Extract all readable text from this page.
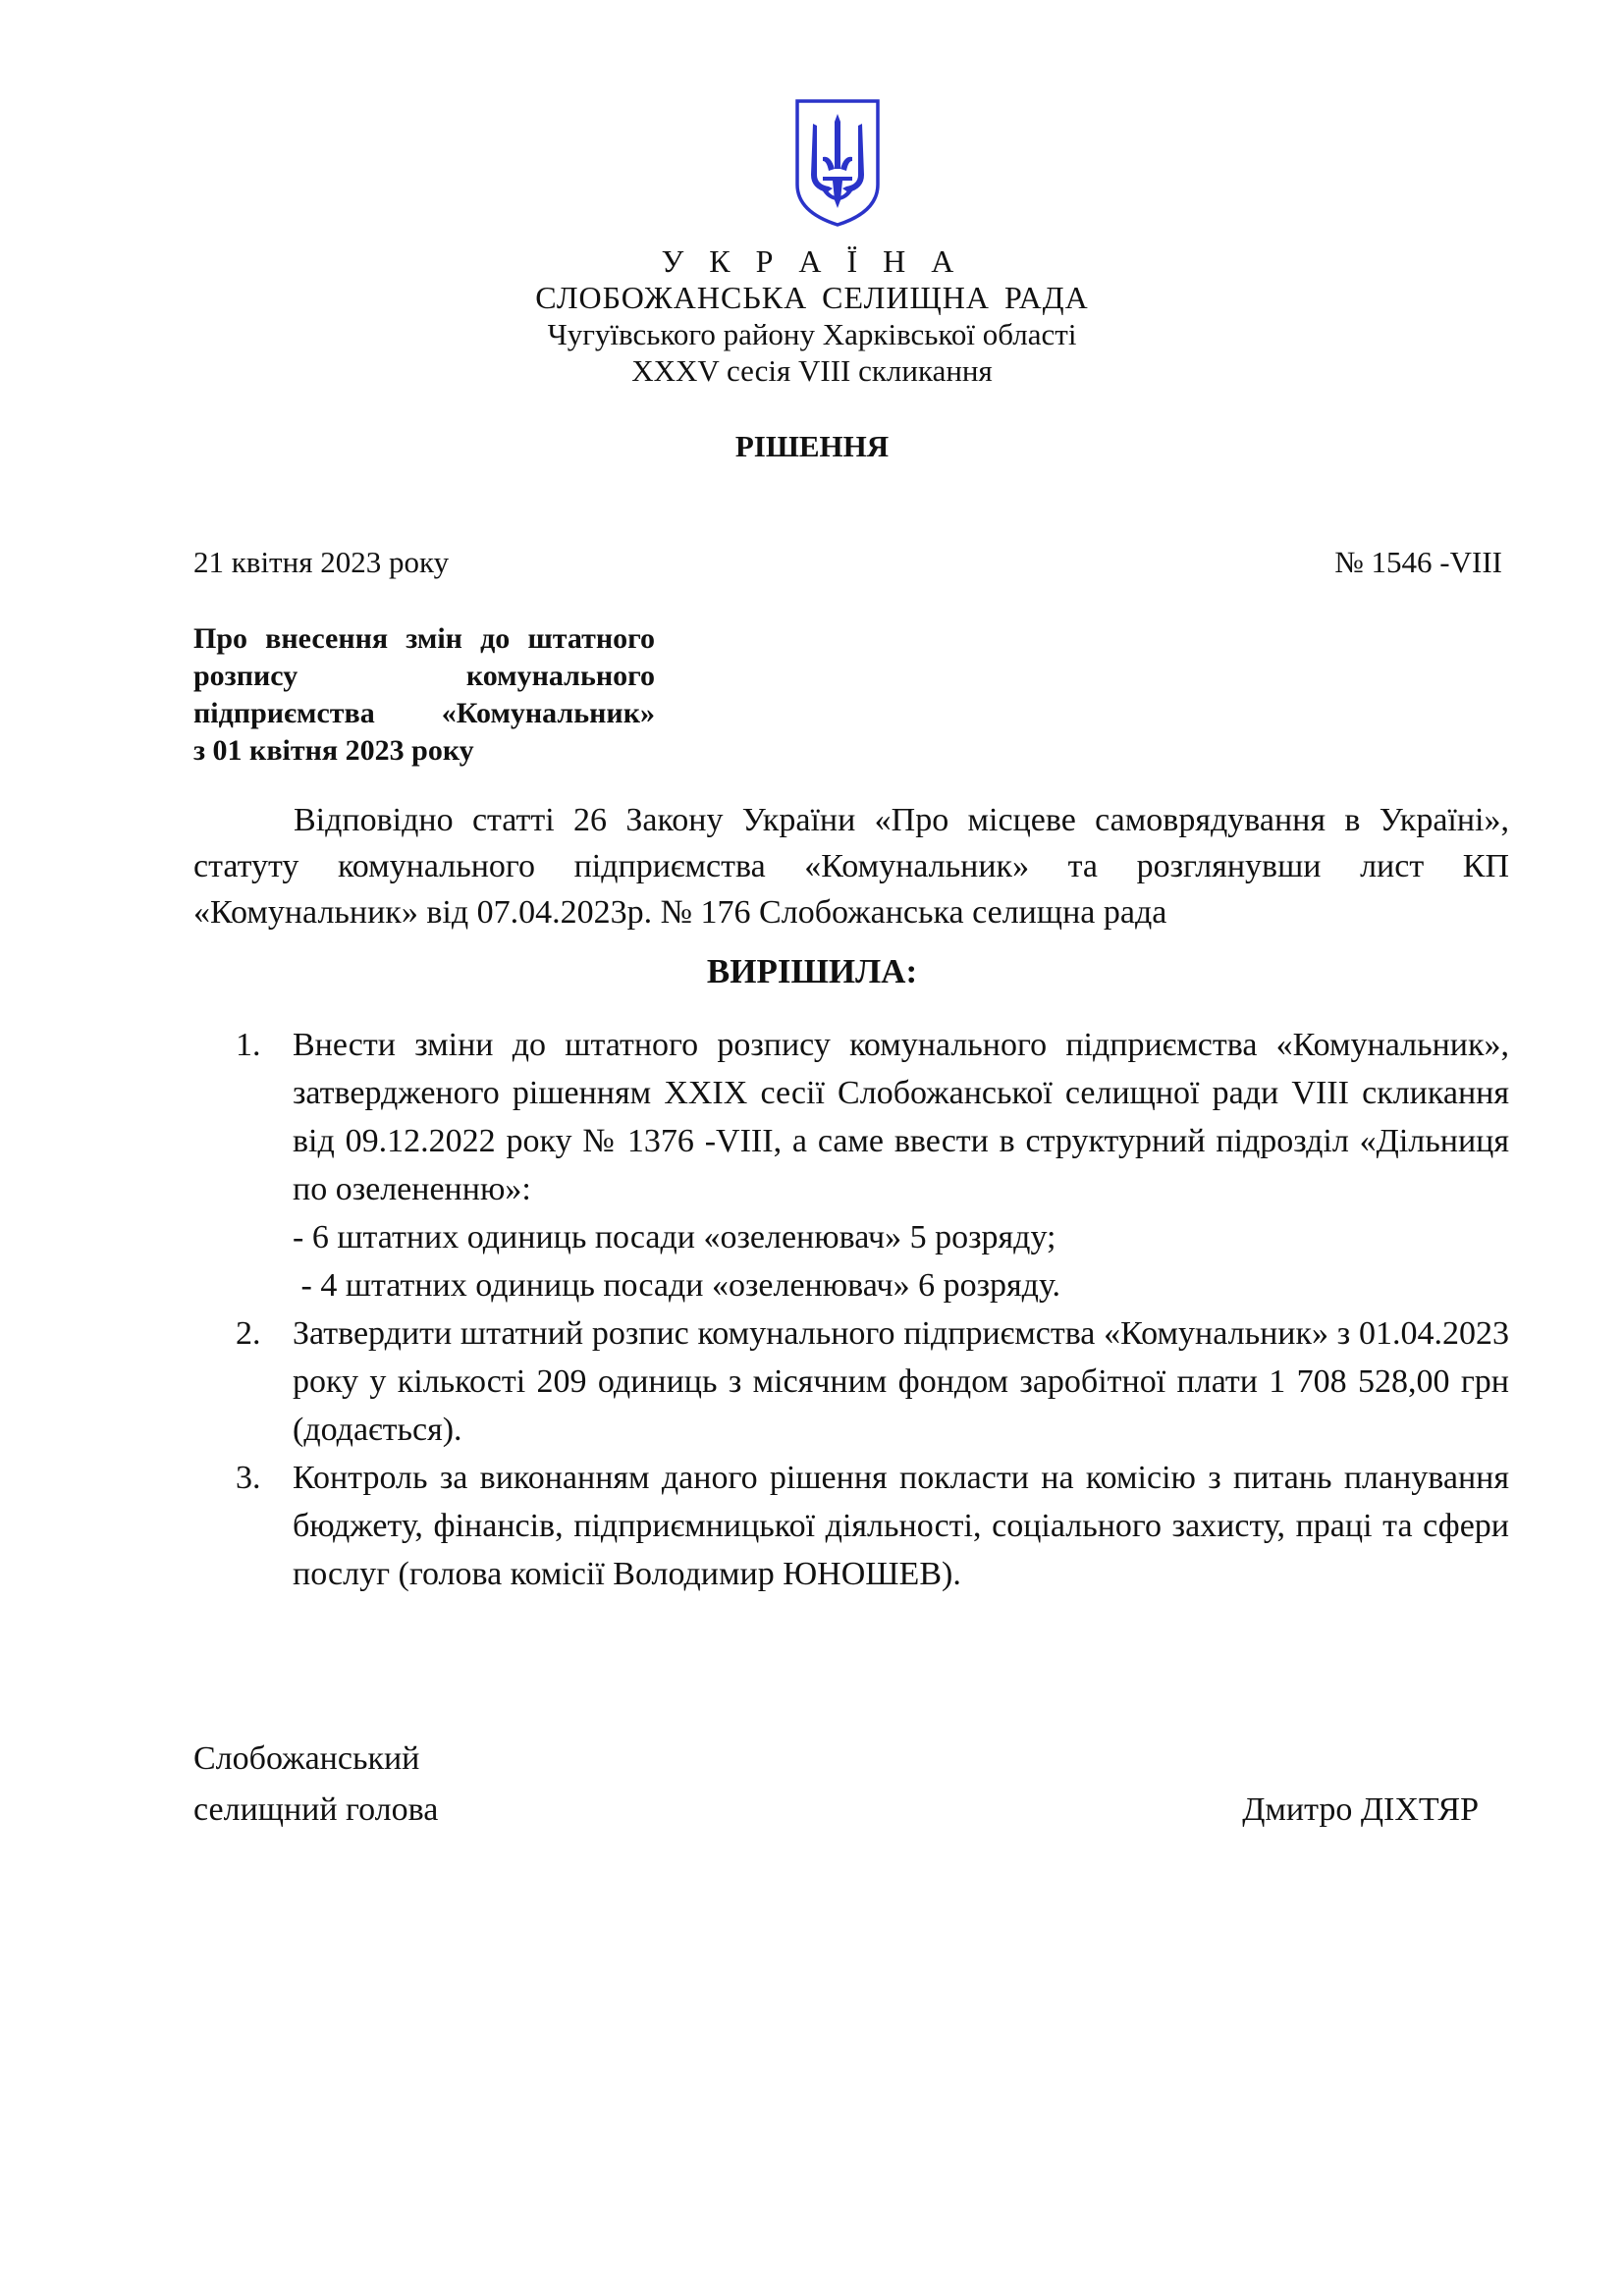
У К Р А Ї Н А
СЛОБОЖАНСЬКА СЕЛИЩНА РАДА
Чугуївського району Харківської області
XXXV сесія VIII скликання
РІШЕННЯ
21 квітня 2023 року	№ 1546 -VIII
Про внесення змін до штатного
розпису комунального
підприємства «Комунальник»
з 01 квітня 2023 року

Відповідно статті 26 Закону України «Про місцеве самоврядування в Україні», статуту комунального підприємства «Комунальник» та розглянувши лист КП «Комунальник» від 07.04.2023р. № 176 Слобожанська селищна рада

ВИРІШИЛА:
1. Внести зміни до штатного розпису комунального підприємства «Комунальник», затвердженого рішенням XXIX сесії Слобожанської селищної ради VIII скликання від 09.12.2022 року № 1376 -VIII, а саме ввести в структурний підрозділ «Дільниця по озелененню»:
- 6 штатних одиниць посади «озеленювач» 5 розряду;
- 4 штатних одиниць посади «озеленювач» 6 розряду.
2. Затвердити штатний розпис комунального підприємства «Комунальник» з 01.04.2023 року у кількості 209 одиниць з місячним фондом заробітної плати 1 708 528,00 грн (додається).
3. Контроль за виконанням даного рішення покласти на комісію з питань планування бюджету, фінансів, підприємницької діяльності, соціального захисту, праці та сфери послуг (голова комісії Володимир ЮНОШЕВ).
Слобожанський
селищний голова	Дмитро ДІХТЯР
